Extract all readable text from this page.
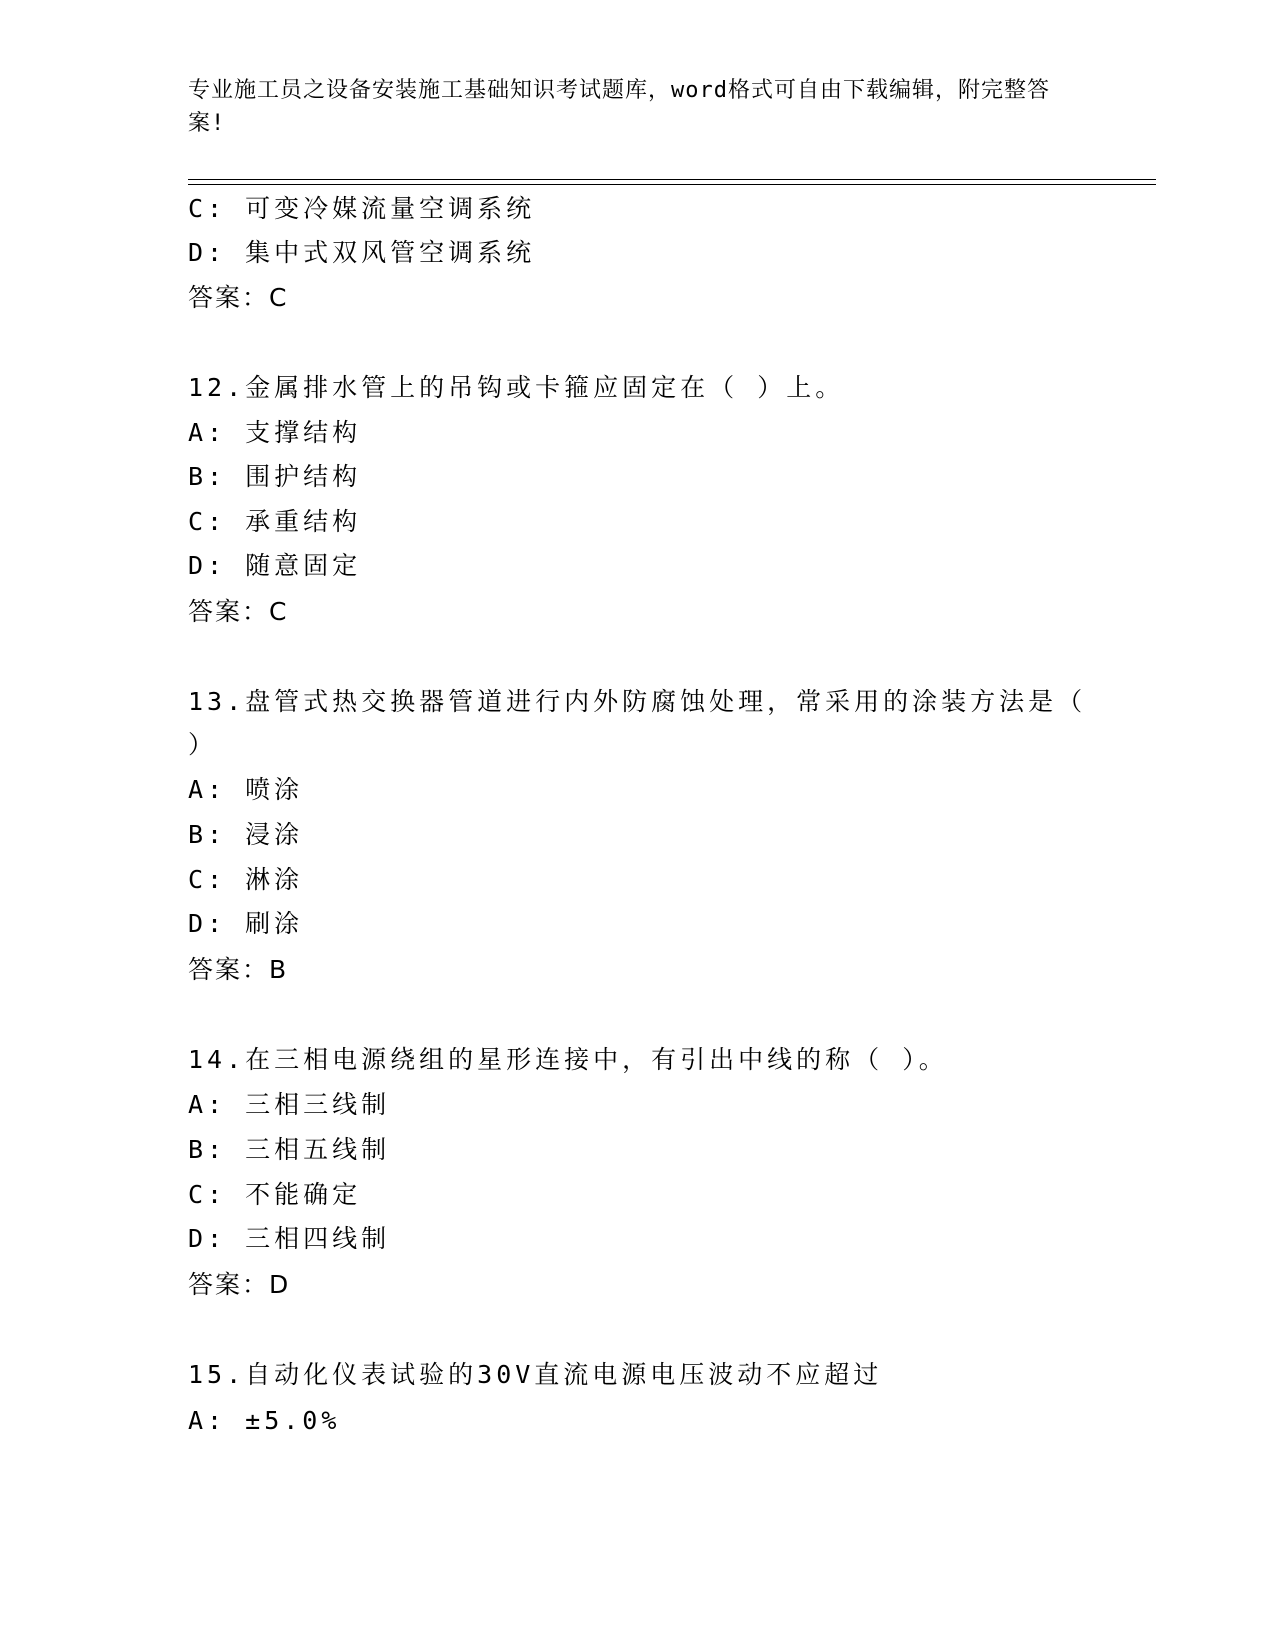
专业施工员之设备安装施工基础知识考试题库，word格式可自由下载编辑，附完整答案!
C: 可变冷媒流量空调系统
D: 集中式双风管空调系统
答案：C
12.金属排水管上的吊钩或卡箍应固定在（ ）上。
A: 支撑结构
B: 围护结构
C: 承重结构
D: 随意固定
答案：C
13.盘管式热交换器管道进行内外防腐蚀处理，常采用的涂装方法是（
）
A: 喷涂
B: 浸涂
C: 淋涂
D: 刷涂
答案：B
14.在三相电源绕组的星形连接中，有引出中线的称（ ）。
A: 三相三线制
B: 三相五线制
C: 不能确定
D: 三相四线制
答案：D
15.自动化仪表试验的30V直流电源电压波动不应超过
A: ±5.0%
